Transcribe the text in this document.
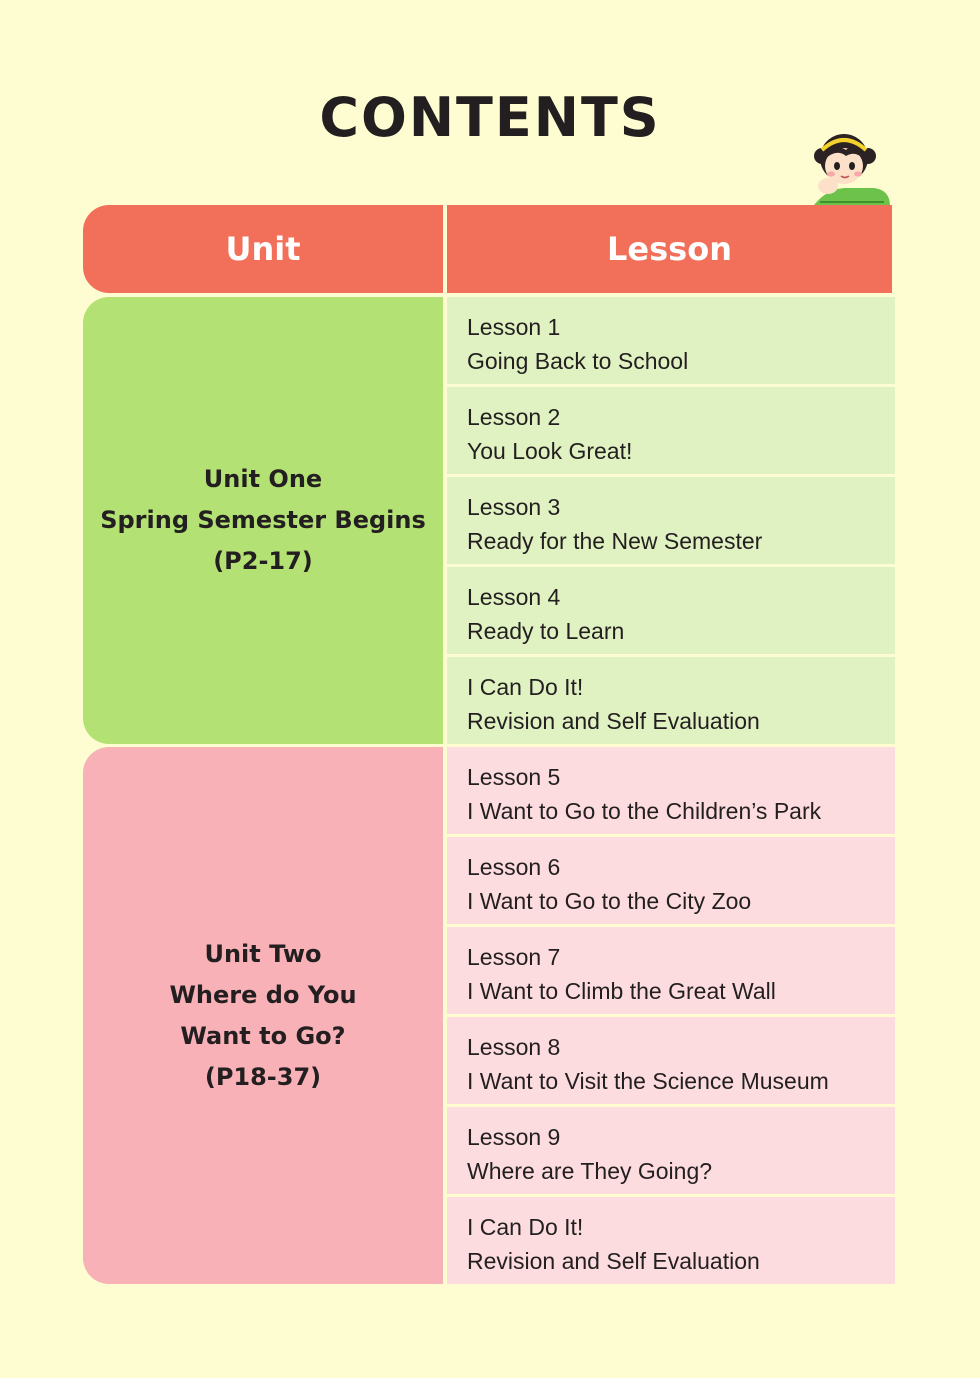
CONTENTS
Unit	Lesson
Unit One
Spring Semester Begins
(P2-17)
Lesson 1
Going Back to School
Lesson 2
You Look Great!
Lesson 3
Ready for the New Semester
Lesson 4
Ready to Learn
I Can Do It!
Revision and Self Evaluation
Unit Two
Where do You
Want to Go?
(P18-37)
Lesson 5
I Want to Go to the Children’s Park
Lesson 6
I Want to Go to the City Zoo
Lesson 7
I Want to Climb the Great Wall
Lesson 8
I Want to Visit the Science Museum
Lesson 9
Where are They Going?
I Can Do It!
Revision and Self Evaluation
